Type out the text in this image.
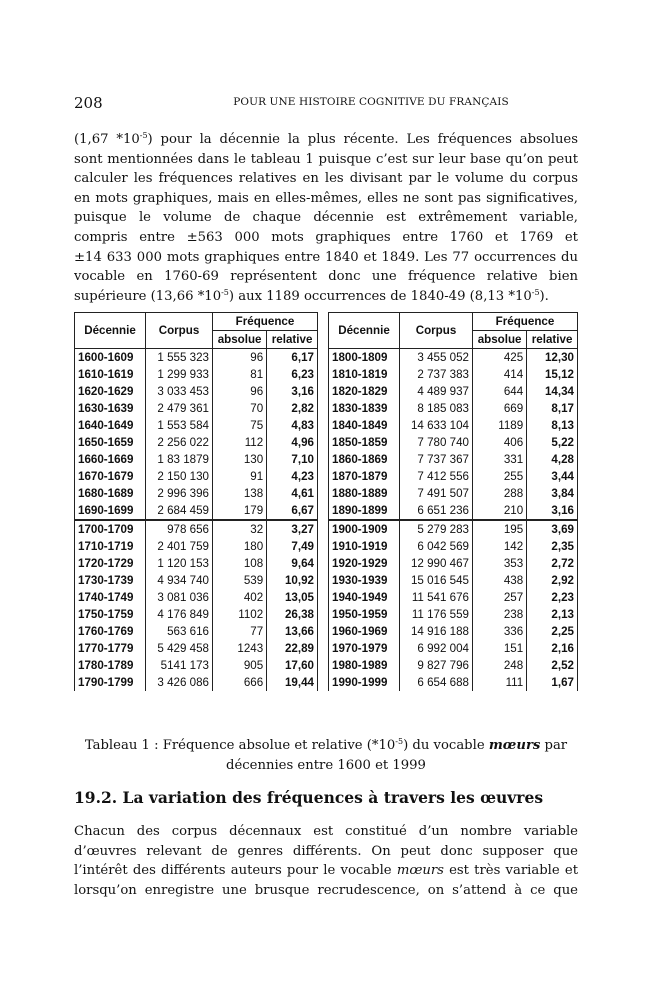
208	POUR UNE HISTOIRE COGNITIVE DU FRANÇAIS
(1,67 $*10^{-5}$) pour la décennie la plus récente. Les fréquences absolues
sont mentionnées dans le tableau 1 puisque c’est sur leur base qu’on peut
calculer les fréquences relatives en les divisant par le volume du corpus
en mots graphiques, mais en elles-mêmes, elles ne sont pas significatives,
puisque le volume de chaque décennie est extrêmement variable,
compris entre ±563 000 mots graphiques entre 1760 et 1769 et
±14 633 000 mots graphiques entre 1840 et 1849. Les 77 occurrences du
vocable en 1760-69 représentent donc une fréquence relative bien
supérieure (13,66 $*10^{-5}$) aux 1189 occurrences de 1840-49 (8,13 $*10^{-5}$).
Décennie	Corpus	Fréquence	
		absolue	relative
1600-1609	1 555 323	96	6,17
1610-1619	1 299 933	81	6,23
1620-1629	3 033 453	96	3,16
1630-1639	2 479 361	70	2,82
1640-1649	1 553 584	75	4,83
1650-1659	2 256 022	112	4,96
1660-1669	1 83 1879	130	7,10
1670-1679	2 150 130	91	4,23
1680-1689	2 996 396	138	4,61
1690-1699	2 684 459	179	6,67
1700-1709	978 656	32	3,27
1710-1719	2 401 759	180	7,49
1720-1729	1 120 153	108	9,64
1730-1739	4 934 740	539	10,92
1740-1749	3 081 036	402	13,05
1750-1759	4 176 849	1102	26,38
1760-1769	563 616	77	13,66
1770-1779	5 429 458	1243	22,89
1780-1789	5141 173	905	17,60
1790-1799	3 426 086	666	19,44
Décennie	Corpus	Fréquence	
		absolue	relative
1800-1809	3 455 052	425	12,30
1810-1819	2 737 383	414	15,12
1820-1829	4 489 937	644	14,34
1830-1839	8 185 083	669	8,17
1840-1849	14 633 104	1189	8,13
1850-1859	7 780 740	406	5,22
1860-1869	7 737 367	331	4,28
1870-1879	7 412 556	255	3,44
1880-1889	7 491 507	288	3,84
1890-1899	6 651 236	210	3,16
1900-1909	5 279 283	195	3,69
1910-1919	6 042 569	142	2,35
1920-1929	12 990 467	353	2,72
1930-1939	15 016 545	438	2,92
1940-1949	11 541 676	257	2,23
1950-1959	11 176 559	238	2,13
1960-1969	14 916 188	336	2,25
1970-1979	6 992 004	151	2,16
1980-1989	9 827 796	248	2,52
1990-1999	6 654 688	111	1,67
Tableau 1 : Fréquence absolue et relative $(*10^{-5})$ du vocable mœurs par
décennies entre 1600 et 1999
19.2. La variation des fréquences à travers les œuvres
Chacun des corpus décennaux est constitué d’un nombre variable
d’œuvres relevant de genres différents. On peut donc supposer que
l’intérêt des différents auteurs pour le vocable mœurs est très variable et
lorsqu’on enregistre une brusque recrudescence, on s’attend à ce que
